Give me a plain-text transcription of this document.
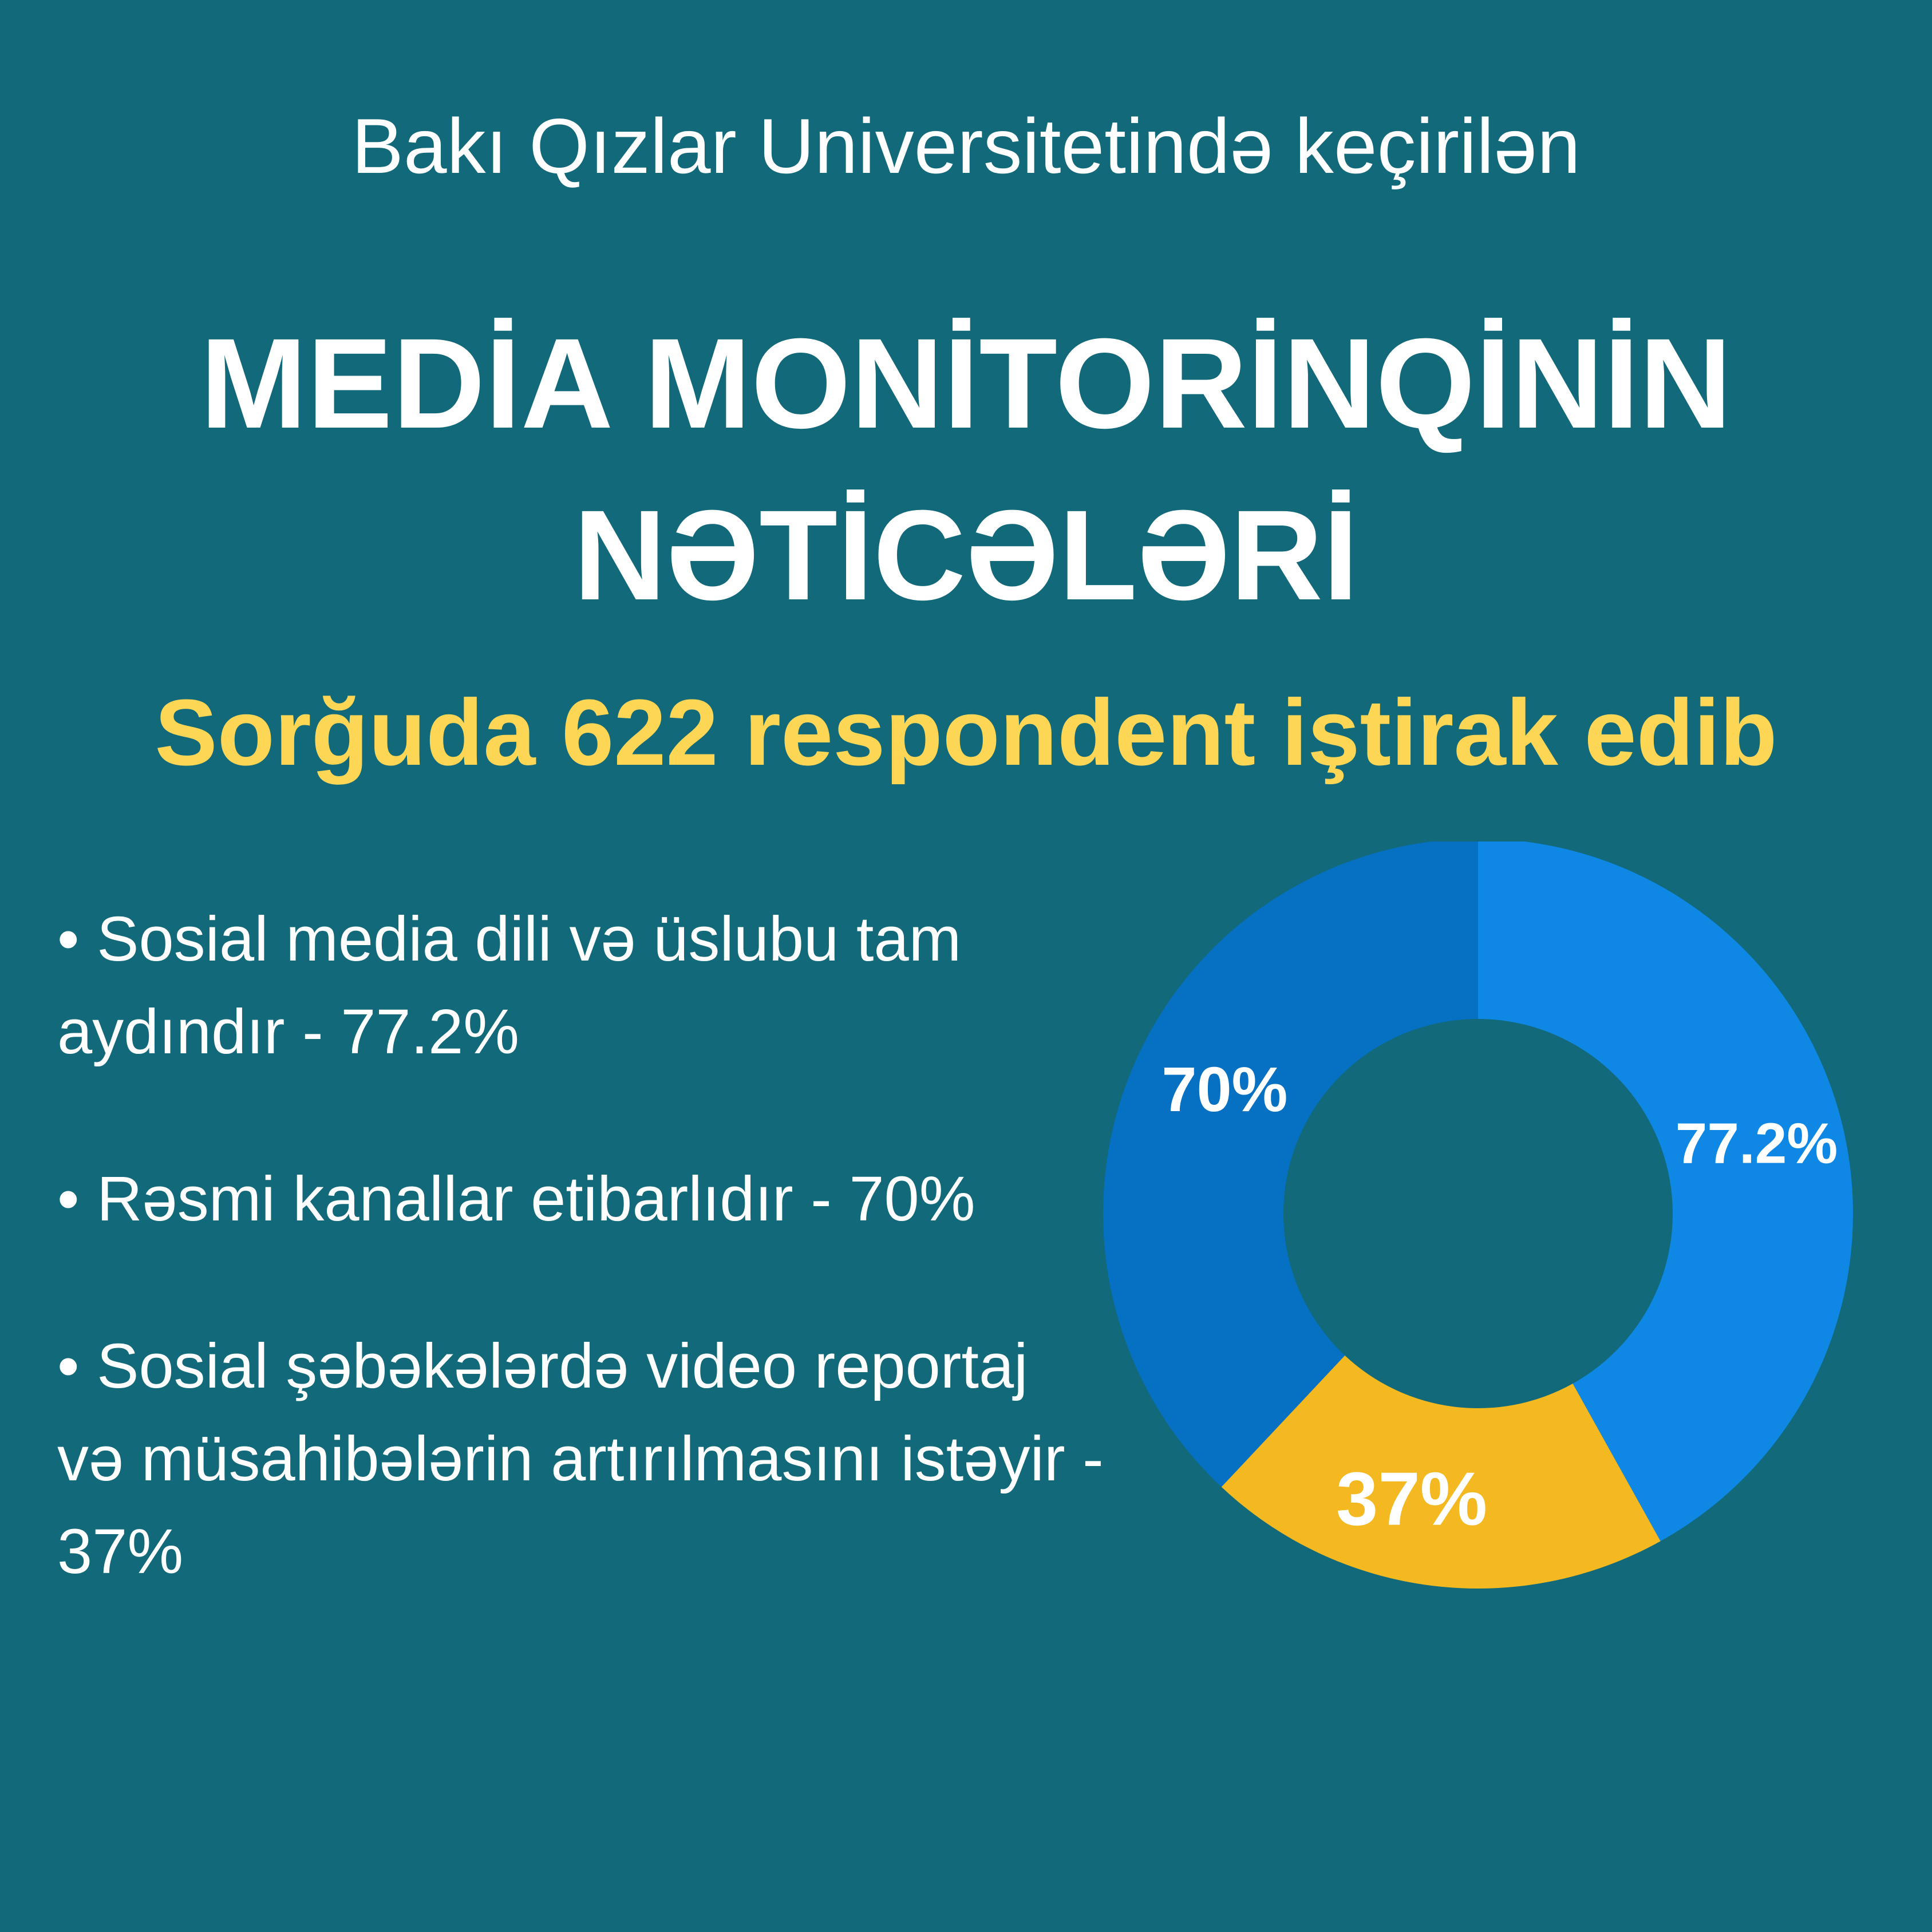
Bakı Qızlar Universitetində keçirilən
MEDİA MONİTORİNQİNİN
NƏTİCƏLƏRİ
Sorğuda 622 respondent iştirak edib
• Sosial media dili və üslubu tam aydındır - 77.2%
• Rəsmi kanallar etibarlıdır - 70%
• Sosial şəbəkələrdə video reportaj və müsahibələrin artırılmasını istəyir - 37%
77.2%
37%
70%
